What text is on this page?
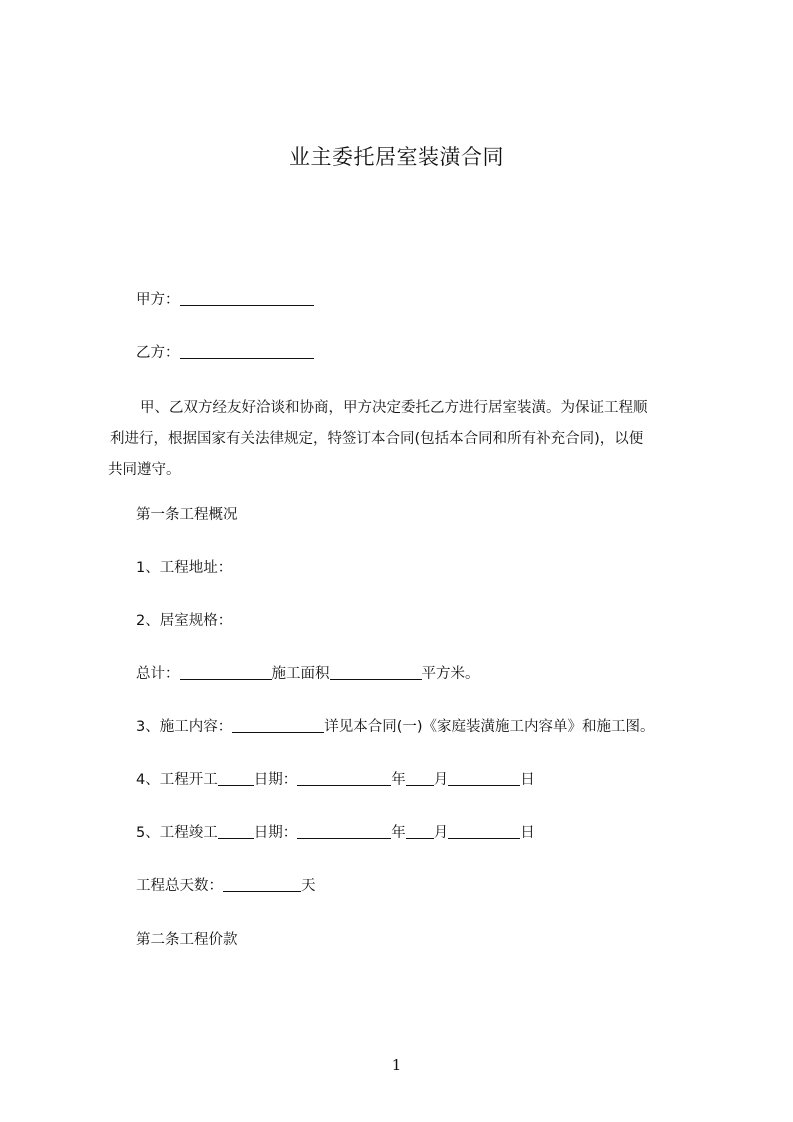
业主委托居室装潢合同
甲方：
乙方：
甲、乙双方经友好洽谈和协商，甲方决定委托乙方进行居室装潢。为保证工程顺
利进行，根据国家有关法律规定，特签订本合同(包括本合同和所有补充合同)，以便
共同遵守。
第一条工程概况
1、工程地址：
2、居室规格：
总计：	施工面积	平方米。
3、施工内容：	详见本合同(一)《家庭装潢施工内容单》和施工图。
4、工程开工 日期：	年 月	日
5、工程竣工 日期：	年 月	日
工程总天数：	天
第二条工程价款
1
